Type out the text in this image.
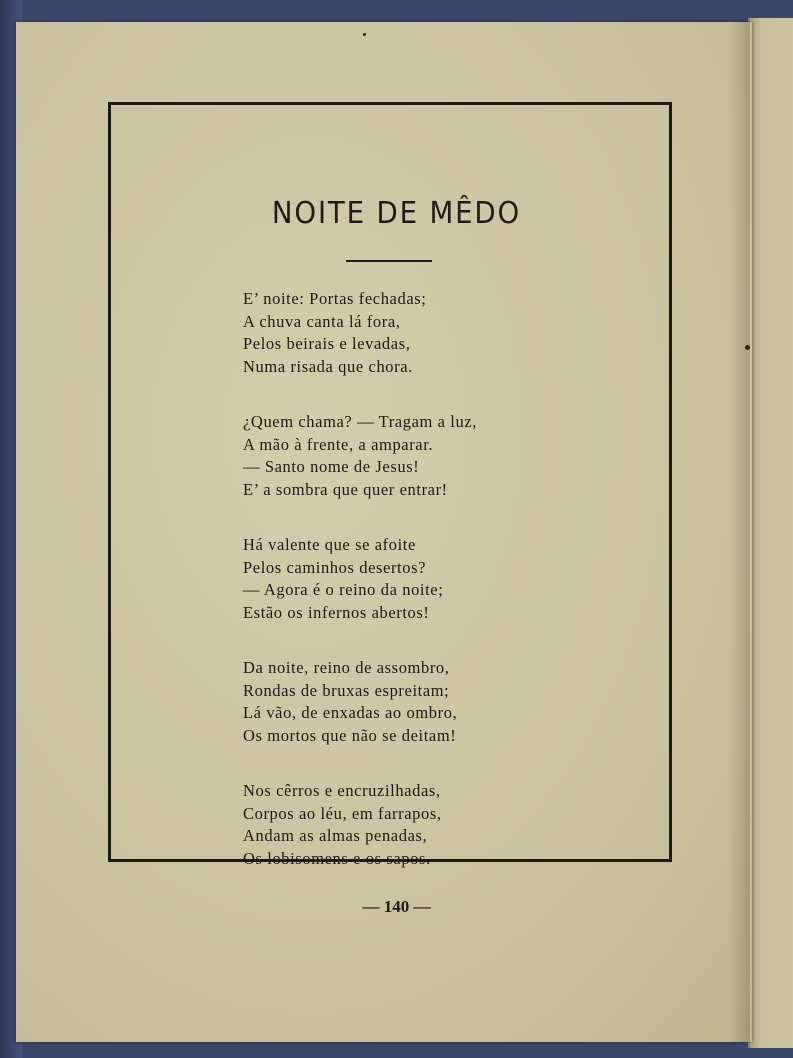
NOITE DE MÊDO
E’ noite: Portas fechadas;
A chuva canta lá fora,
Pelos beirais e levadas,
Numa risada que chora.
¿Quem chama? — Tragam a luz,
A mão à frente, a amparar.
— Santo nome de Jesus!
E’ a sombra que quer entrar!
Há valente que se afoite
Pelos caminhos desertos?
— Agora é o reino da noite;
Estão os infernos abertos!
Da noite, reino de assombro,
Rondas de bruxas espreitam;
Lá vão, de enxadas ao ombro,
Os mortos que não se deitam!
Nos cêrros e encruzilhadas,
Corpos ao léu, em farrapos,
Andam as almas penadas,
Os lobisomens e os sapos.
— 140 —
